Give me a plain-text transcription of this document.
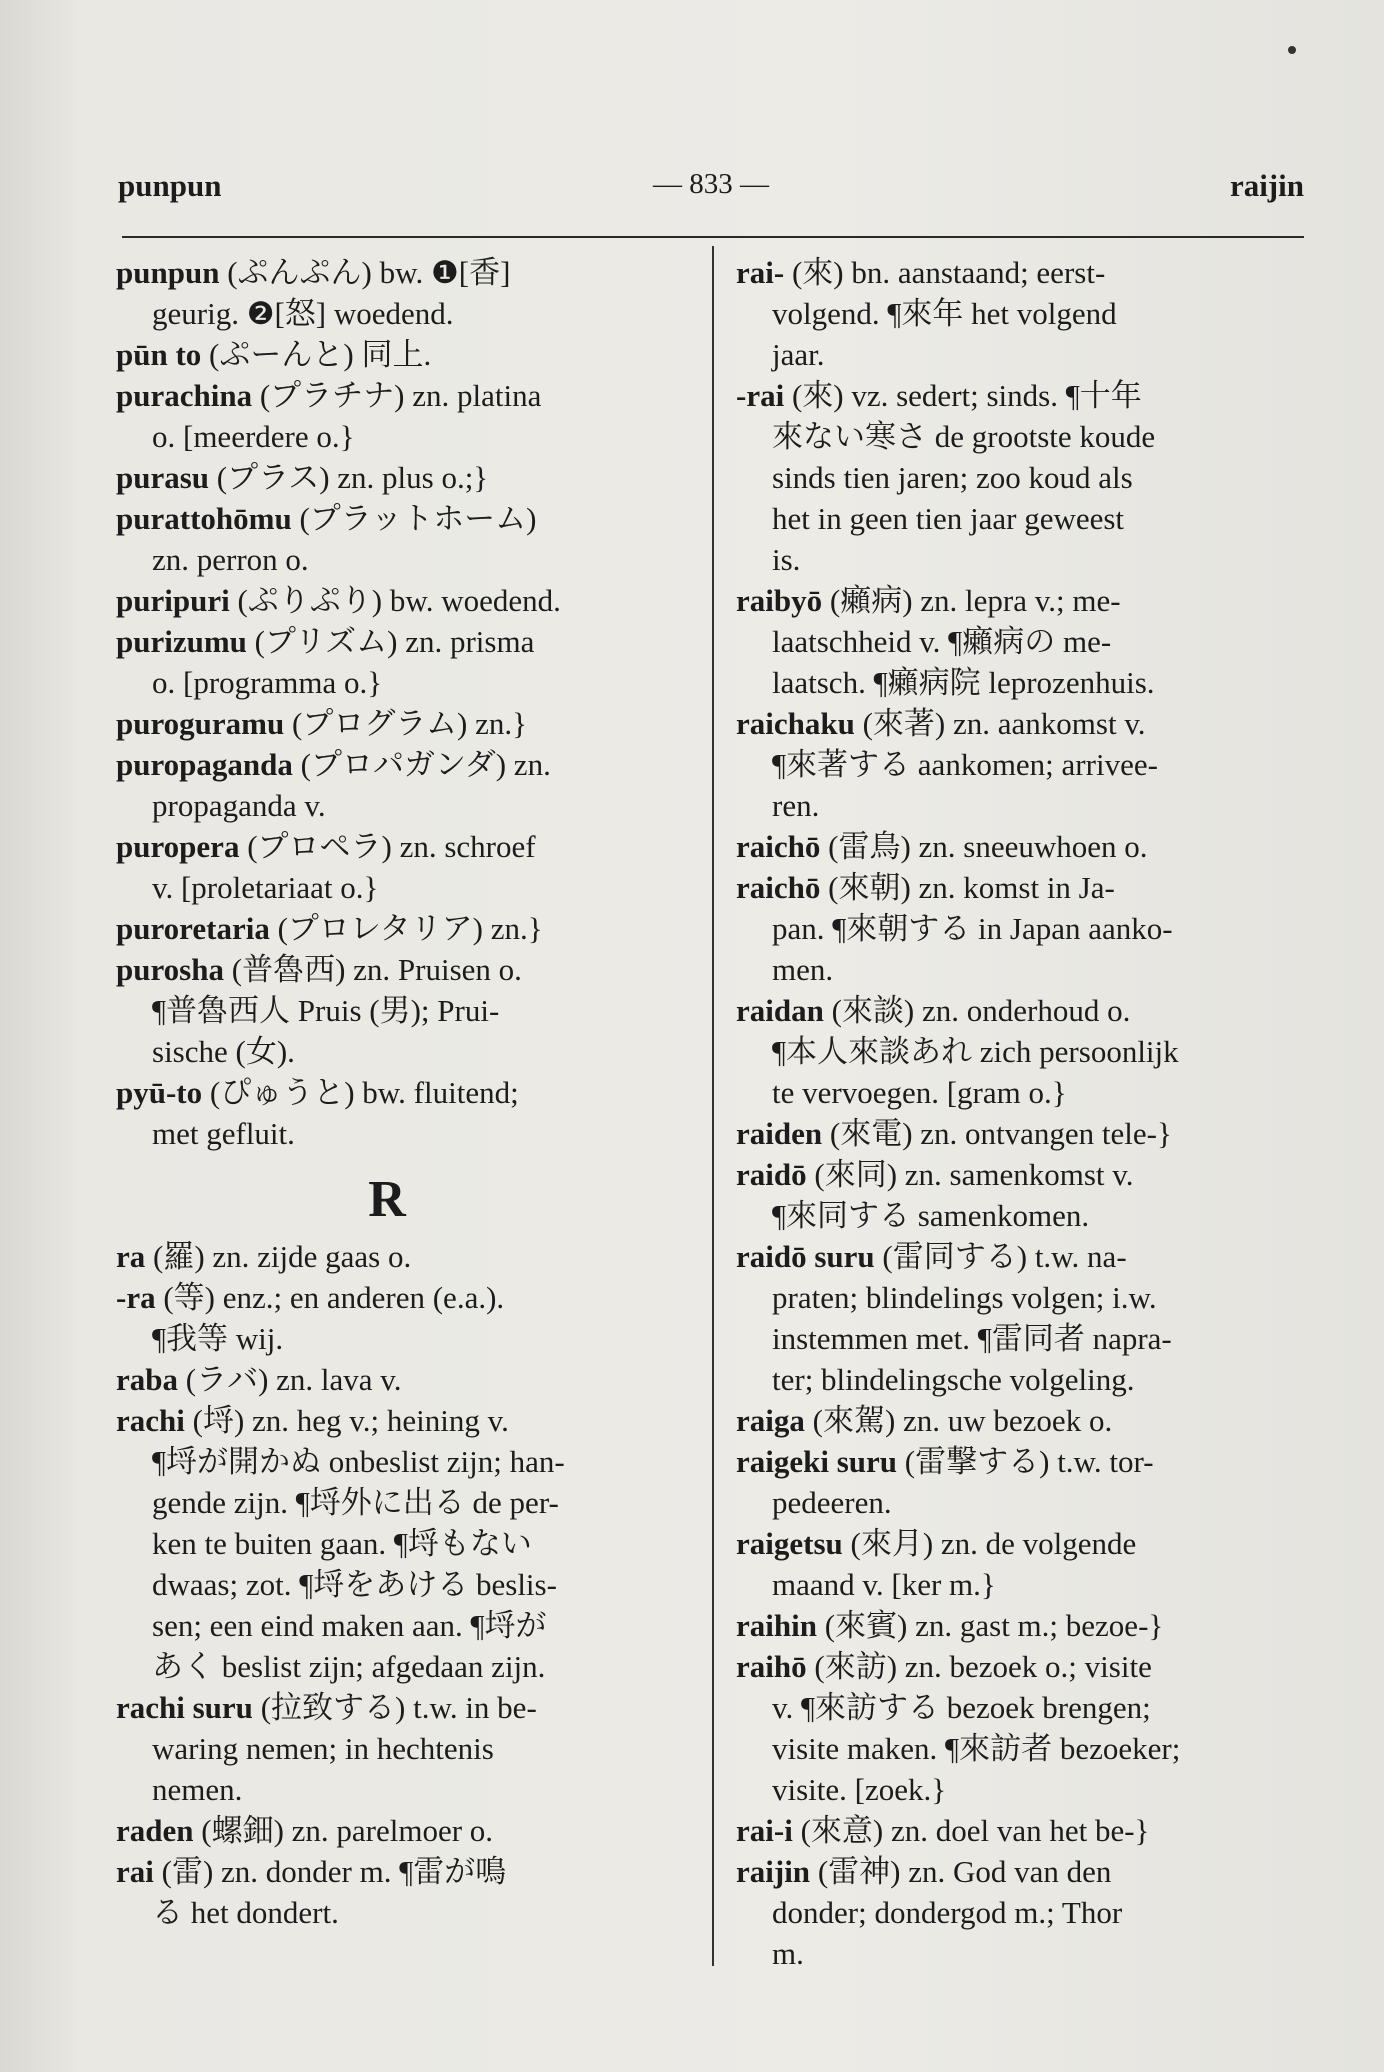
punpun	— 833 —	raijin
punpun (ぷんぷん) bw. ❶[香]
geurig. ❷[怒] woedend.
pūn to (ぷーんと) 同上.
purachina (プラチナ) zn. platina
o. [meerdere o.}
purasu (プラス) zn. plus o.;}
purattohōmu (プラットホーム)
zn. perron o.
puripuri (ぷりぷり) bw. woedend.
purizumu (プリズム) zn. prisma
o. [programma o.}
puroguramu (プログラム) zn.}
puropaganda (プロパガンダ) zn.
propaganda v.
puropera (プロペラ) zn. schroef
v. [proletariaat o.}
puroretaria (プロレタリア) zn.}
purosha (普魯西) zn. Pruisen o.
¶普魯西人 Pruis (男); Prui-
sische (女).
pyū-to (ぴゅうと) bw. fluitend;
met gefluit.
R
ra (羅) zn. zijde gaas o.
-ra (等) enz.; en anderen (e.a.).
¶我等 wij.
raba (ラバ) zn. lava v.
rachi (埒) zn. heg v.; heining v.
¶埒が開かぬ onbeslist zijn; han-
gende zijn. ¶埒外に出る de per-
ken te buiten gaan. ¶埒もない
dwaas; zot. ¶埒をあける beslis-
sen; een eind maken aan. ¶埒が
あく beslist zijn; afgedaan zijn.
rachi suru (拉致する) t.w. in be-
waring nemen; in hechtenis
nemen.
raden (螺鈿) zn. parelmoer o.
rai (雷) zn. donder m. ¶雷が鳴
る het dondert.
rai- (來) bn. aanstaand; eerst-
volgend. ¶來年 het volgend
jaar.
-rai (來) vz. sedert; sinds. ¶十年
來ない寒さ de grootste koude
sinds tien jaren; zoo koud als
het in geen tien jaar geweest
is.
raibyō (癩病) zn. lepra v.; me-
laatschheid v. ¶癩病の me-
laatsch. ¶癩病院 leprozenhuis.
raichaku (來著) zn. aankomst v.
¶來著する aankomen; arrivee-
ren.
raichō (雷鳥) zn. sneeuwhoen o.
raichō (來朝) zn. komst in Ja-
pan. ¶來朝する in Japan aanko-
men.
raidan (來談) zn. onderhoud o.
¶本人來談あれ zich persoonlijk
te vervoegen. [gram o.}
raiden (來電) zn. ontvangen tele-}
raidō (來同) zn. samenkomst v.
¶來同する samenkomen.
raidō suru (雷同する) t.w. na-
praten; blindelings volgen; i.w.
instemmen met. ¶雷同者 naprа-
ter; blindelingsche volgeling.
raiga (來駕) zn. uw bezoek o.
raigeki suru (雷撃する) t.w. tor-
pedeeren.
raigetsu (來月) zn. de volgende
maand v. [ker m.}
raihin (來賓) zn. gast m.; bezoe-}
raihō (來訪) zn. bezoek o.; visite
v. ¶來訪する bezoek brengen;
visite maken. ¶來訪者 bezoeker;
visite. [zoek.}
rai-i (來意) zn. doel van het be-}
raijin (雷神) zn. God van den
donder; dondergod m.; Thor
m.
